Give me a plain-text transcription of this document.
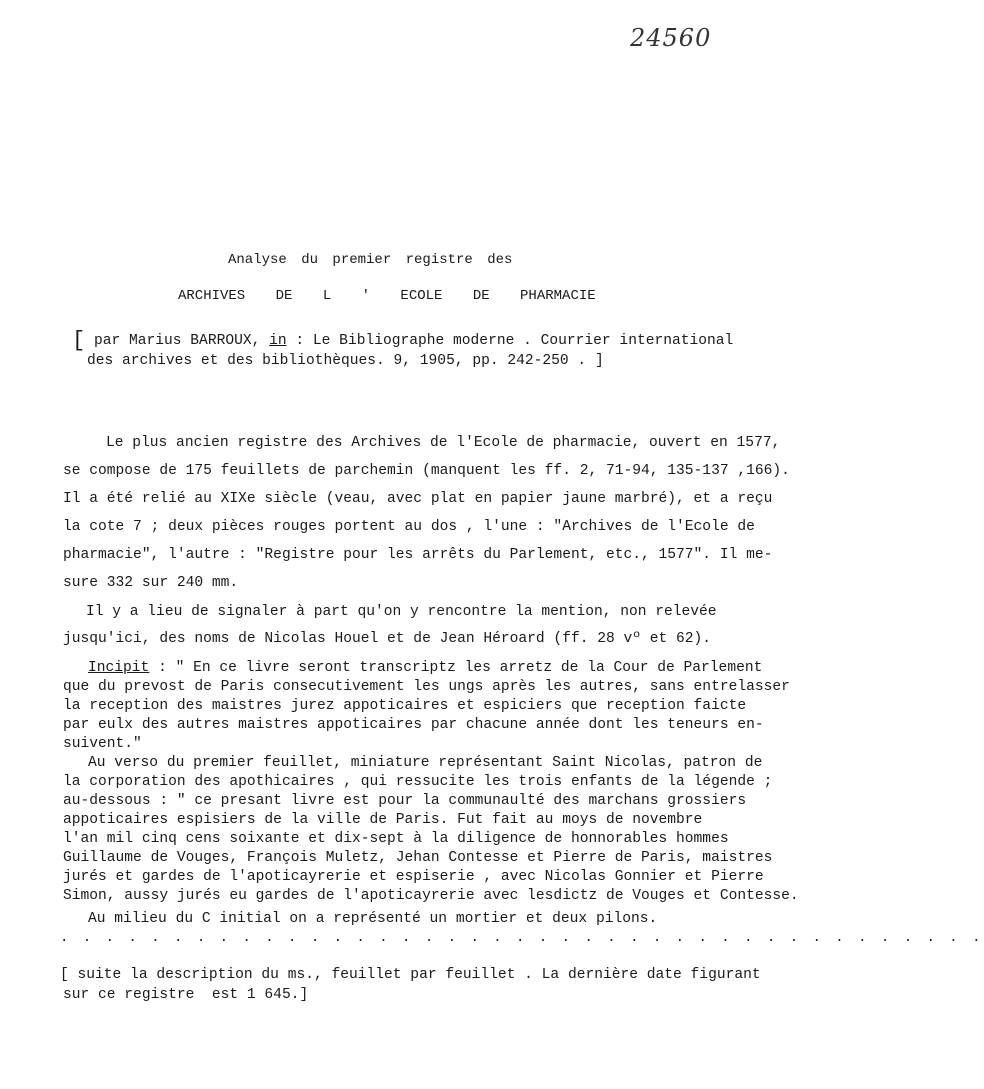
24560
Analyse du premier registre des
ARCHIVES DE L ' ECOLE DE PHARMACIE
[ par Marius BARROUX, in : Le Bibliographe moderne . Courrier international
des archives et des bibliothèques. 9, 1905, pp. 242-250 . ]
Le plus ancien registre des Archives de l'Ecole de pharmacie, ouvert en 1577,
se compose de 175 feuillets de parchemin (manquent les ff. 2, 71-94, 135-137 ,166).
Il a été relié au XIXe siècle (veau, avec plat en papier jaune marbré), et a reçu
la cote 7 ; deux pièces rouges portent au dos , l'une : "Archives de l'Ecole de
pharmacie", l'autre : "Registre pour les arrêts du Parlement, etc., 1577". Il me-
sure 332 sur 240 mm.
Il y a lieu de signaler à part qu'on y rencontre la mention, non relevée
jusqu'ici, des noms de Nicolas Houel et de Jean Héroard (ff. 28 vº et 62).
Incipit : " En ce livre seront transcriptz les arretz de la Cour de Parlement
que du prevost de Paris consecutivement les ungs après les autres, sans entrelasser
la reception des maistres jurez appoticaires et espiciers que reception faicte
par eulx des autres maistres appoticaires par chacune année dont les teneurs en-
suivent."
Au verso du premier feuillet, miniature représentant Saint Nicolas, patron de
la corporation des apothicaires , qui ressucite les trois enfants de la légende ;
au-dessous : " ce presant livre est pour la communaulté des marchans grossiers
appoticaires espisiers de la ville de Paris. Fut fait au moys de novembre
l'an mil cinq cens soixante et dix-sept à la diligence de honnorables hommes
Guillaume de Vouges, François Muletz, Jehan Contesse et Pierre de Paris, maistres
jurés et gardes de l'apoticayrerie et espiserie , avec Nicolas Gonnier et Pierre
Simon, aussy jurés eu gardes de l'apoticayrerie avec lesdictz de Vouges et Contesse.
Au milieu du C initial on a représenté un mortier et deux pilons.
. . . . . . . . . . . . . . . . . . . . . . . . . . . . . . . . . . . . . . . . .
[ suite la description du ms., feuillet par feuillet . La dernière date figurant
sur ce registre  est 1 645.]
